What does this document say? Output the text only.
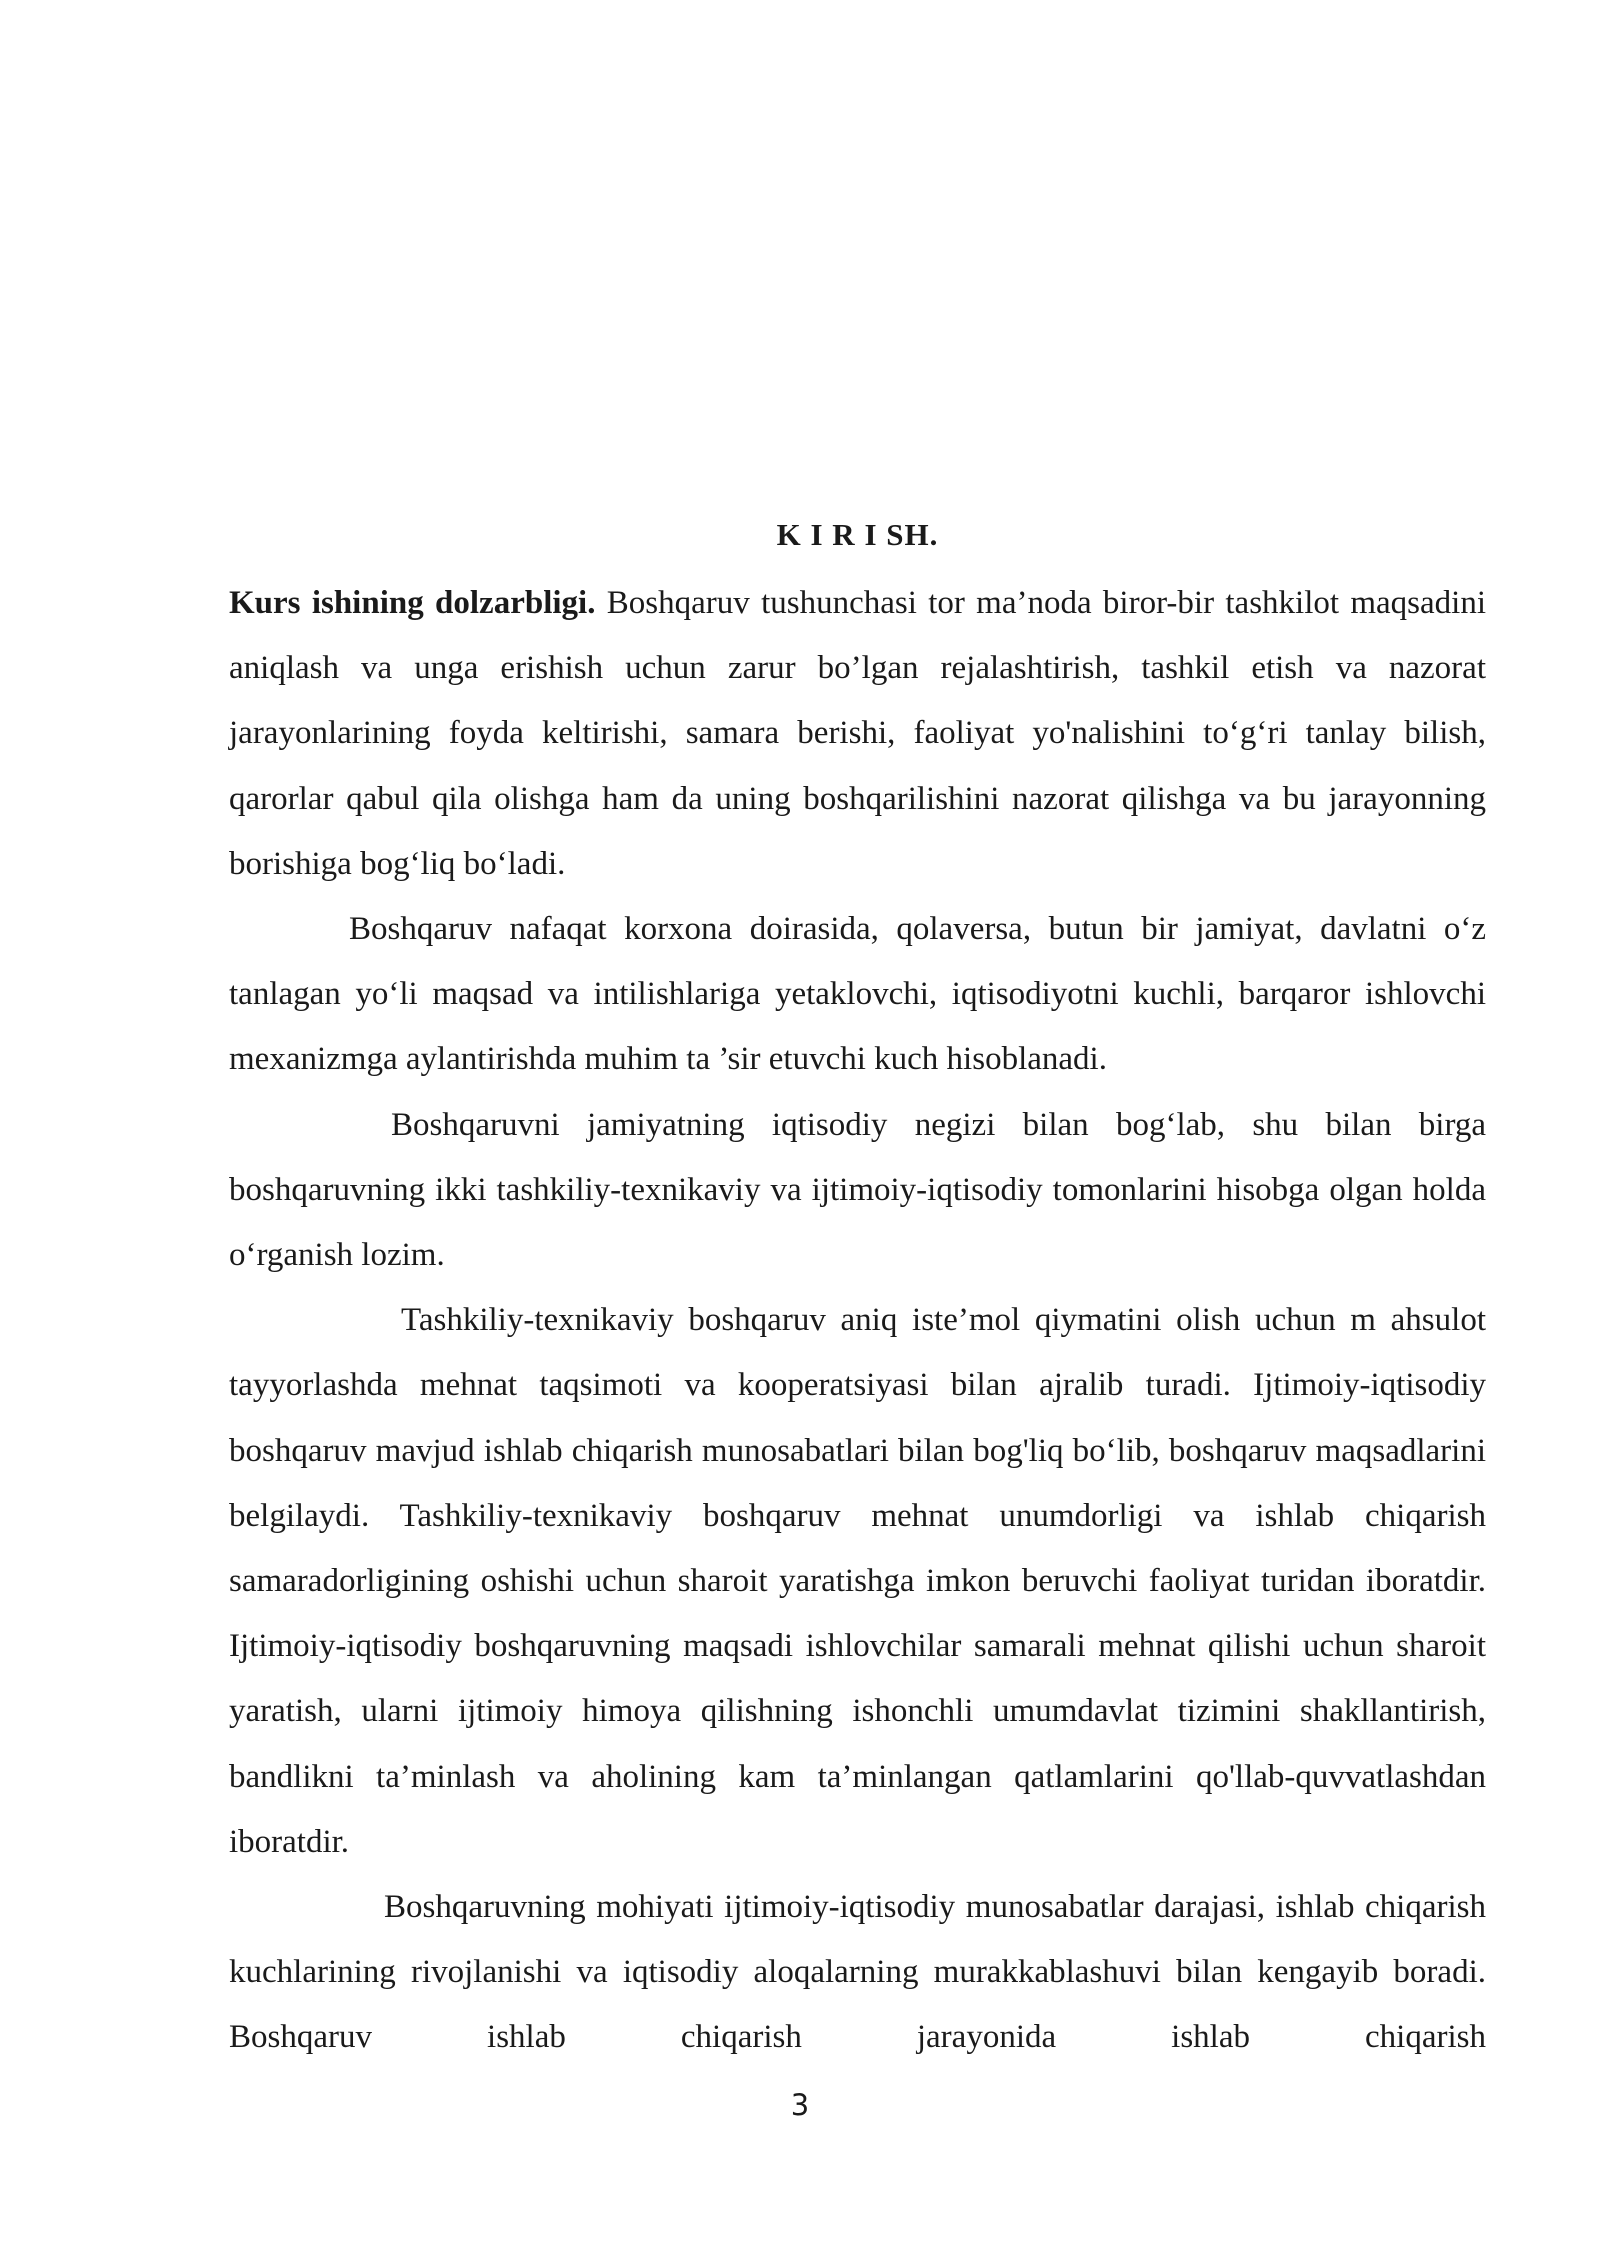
K I R I SH.

Kurs ishining dolzarbligi. Boshqaruv tushunchasi tor ma’noda biror-bir tashkilot maqsadini aniqlash va unga erishish uchun zarur bo’lgan rejalashtirish, tashkil etish va nazorat jarayonlarining foyda keltirishi, samara berishi, faoliyat yo'nalishini to‘g‘ri tanlay bilish, qarorlar qabul qila olishga ham da uning boshqarilishini nazorat qilishga va bu jarayonning borishiga bog‘liq bo‘ladi.

Boshqaruv nafaqat korxona doirasida, qolaversa, butun bir jamiyat, davlatni o‘z tanlagan yo‘li maqsad va intilishlariga yetaklovchi, iqtisodiyotni kuchli, barqaror ishlovchi mexanizmga aylantirishda muhim ta ’sir etuvchi kuch hisoblanadi.

Boshqaruvni jamiyatning iqtisodiy negizi bilan bog‘lab, shu bilan birga boshqaruvning ikki tashkiliy-texnikaviy va ijtimoiy-iqtisodiy tomonlarini hisobga olgan holda o‘rganish lozim.

Tashkiliy-texnikaviy boshqaruv aniq iste’mol qiymatini olish uchun m ahsulot tayyorlashda mehnat taqsimoti va kooperatsiyasi bilan ajralib turadi. Ijtimoiy-iqtisodiy boshqaruv mavjud ishlab chiqarish munosabatlari bilan bog'liq bo‘lib, boshqaruv maqsadlarini belgilaydi. Tashkiliy-texnikaviy boshqaruv mehnat unumdorligi va ishlab chiqarish samaradorligining oshishi uchun sharoit yaratishga imkon beruvchi faoliyat turidan iboratdir. Ijtimoiy-iqtisodiy boshqaruvning maqsadi ishlovchilar samarali mehnat qilishi uchun sharoit yaratish, ularni ijtimoiy himoya qilishning ishonchli umumdavlat tizimini shakllantirish, bandlikni ta’minlash va aholining kam ta’minlangan qatlamlarini qo'llab-quvvatlashdan iboratdir.

Boshqaruvning mohiyati ijtimoiy-iqtisodiy munosabatlar darajasi, ishlab chiqarish kuchlarining rivojlanishi va iqtisodiy aloqalarning murakkablashuvi bilan kengayib boradi. Boshqaruv ishlab chiqarish jarayonida ishlab chiqarish

3
